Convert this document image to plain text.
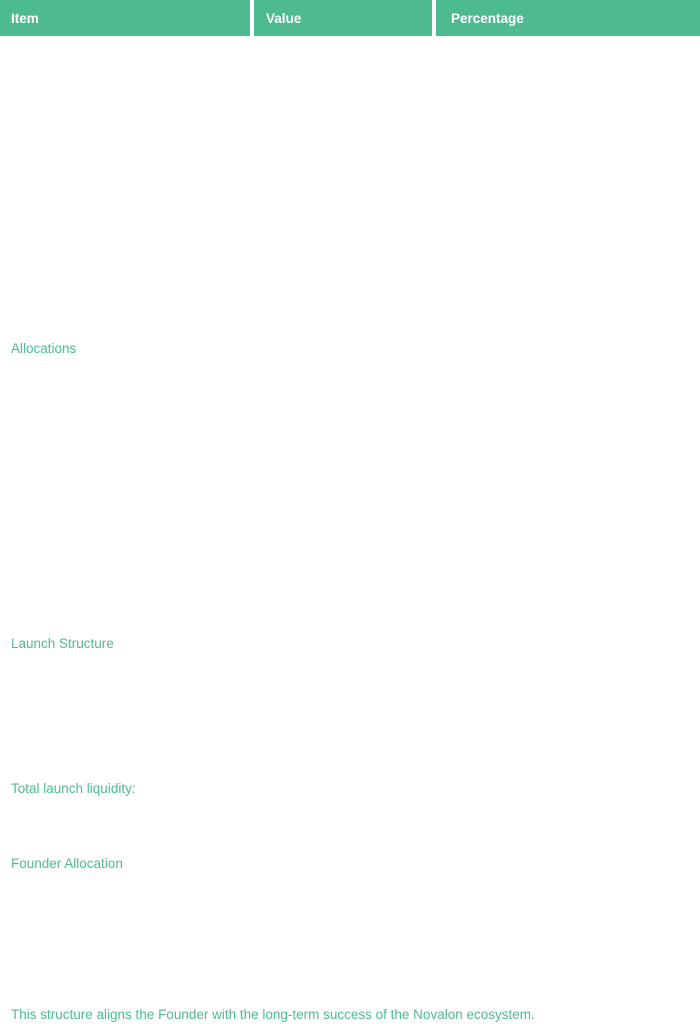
Item	Value	Percentage
Allocations
Launch Structure
Total launch liquidity:
Founder Allocation
This structure aligns the Founder with the long-term success of the Novalon ecosystem.
